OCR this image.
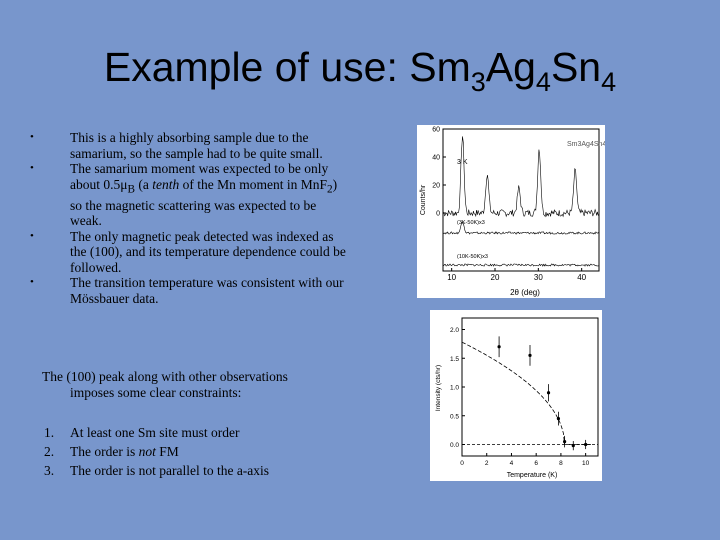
Example of use: $Sm_3Ag_4Sn_4$
•	This is a highly absorbing sample due to the samarium, so the sample had to be quite small.
•	The samarium moment was expected to be only about $0.5\mu_B$ (a tenth of the Mn moment in MnF$_2$) so the magnetic scattering was expected to be weak.
•	The only magnetic peak detected was indexed as the (100), and its temperature dependence could be followed.
•	The transition temperature was consistent with our Mössbauer data.
The (100) peak along with other observations
imposes some clear constraints:
1. At least one Sm site must order
2. The order is not FM
3. The order is not parallel to the a-axis
0
20
40
60
10	20	30	40
Sm3Ag4Sn4
Counts/hr
2θ (deg)
3 K
(3K-50K)x3
(10K-50K)x3
0.0
0.5
1.0
1.5
2.0
0	2	4	6	8	10
Intensity (cts/hr)
Temperature (K)
